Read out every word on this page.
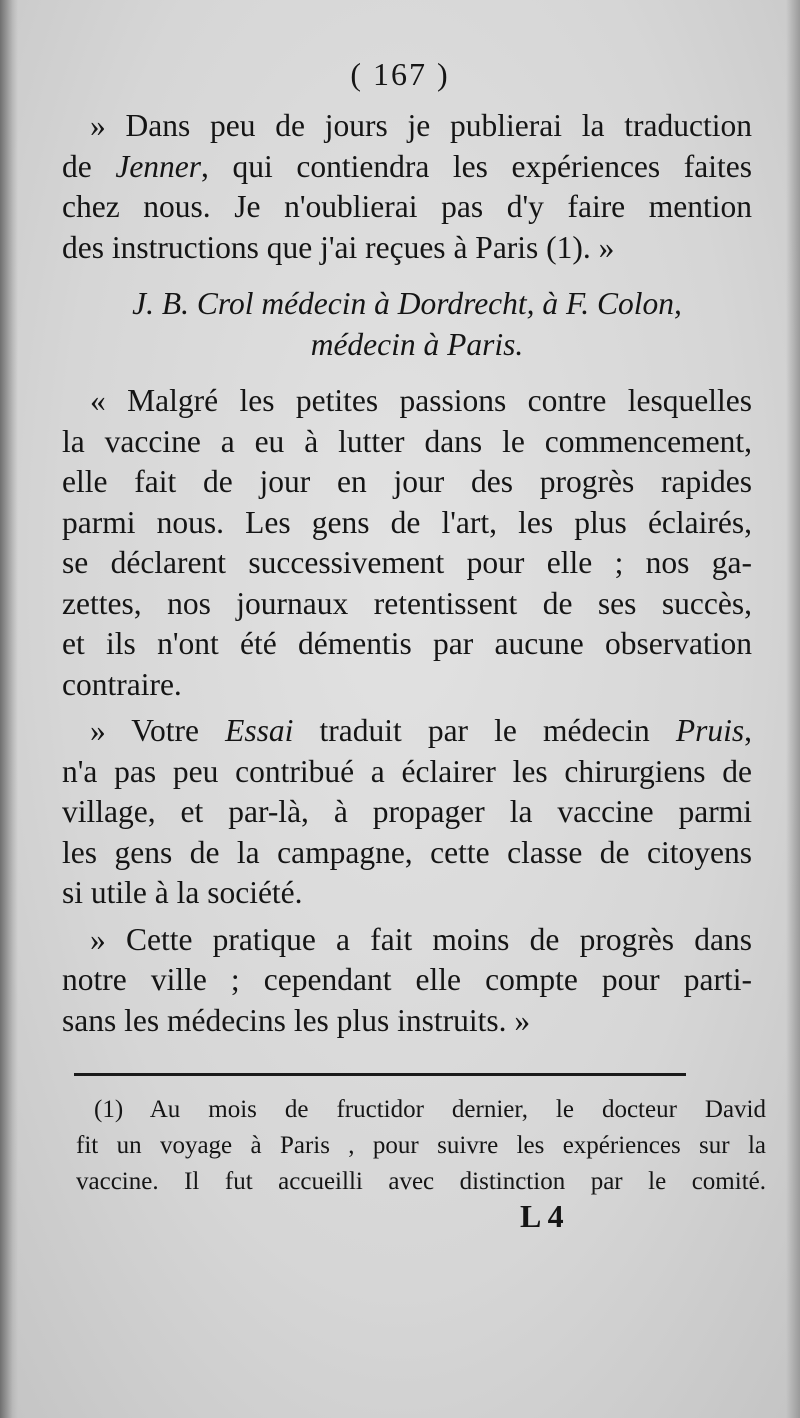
( 167 )
» Dans peu de jours je publierai la traduction
de Jenner, qui contiendra les expériences faites
chez nous. Je n'oublierai pas d'y faire mention
des instructions que j'ai reçues à Paris (1). »
J. B. Crol médecin à Dordrecht, à F. Colon,
médecin à Paris.
« Malgré les petites passions contre lesquelles
la vaccine a eu à lutter dans le commencement,
elle fait de jour en jour des progrès rapides
parmi nous. Les gens de l'art, les plus éclairés,
se déclarent successivement pour elle ; nos ga-
zettes, nos journaux retentissent de ses succès,
et ils n'ont été démentis par aucune observation
contraire.
» Votre Essai traduit par le médecin Pruis,
n'a pas peu contribué a éclairer les chirurgiens de
village, et par-là, à propager la vaccine parmi
les gens de la campagne, cette classe de citoyens
si utile à la société.
» Cette pratique a fait moins de progrès dans
notre ville ; cependant elle compte pour parti-
sans les médecins les plus instruits. »
(1) Au mois de fructidor dernier, le docteur David
fit un voyage à Paris , pour suivre les expériences sur la
vaccine. Il fut accueilli avec distinction par le comité.
L 4
